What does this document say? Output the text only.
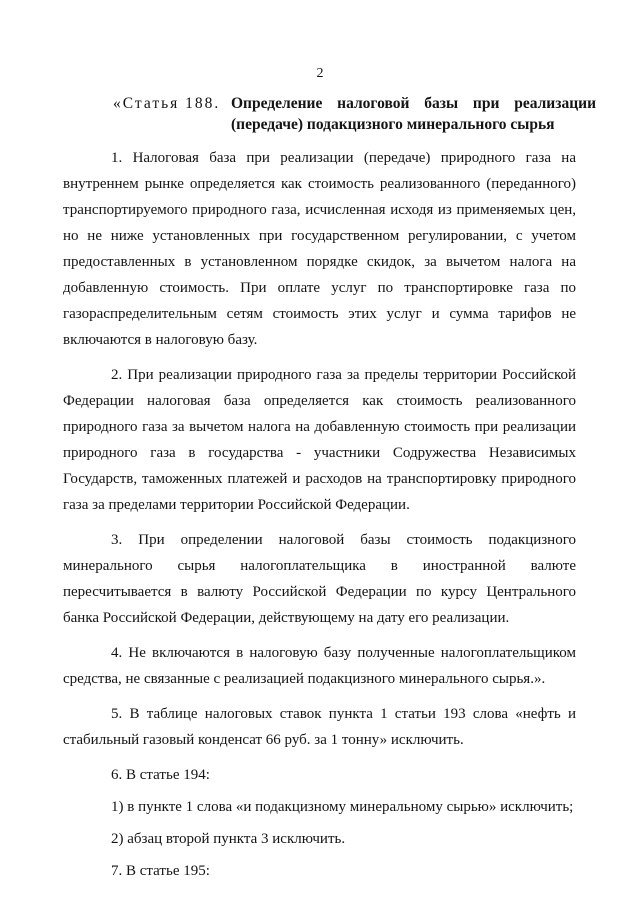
2
«Статья 188. Определение налоговой базы при реализации (передаче) подакцизного минерального сырья

1. Налоговая база при реализации (передаче) природного газа на внутреннем рынке определяется как стоимость реализованного (переданного) транспортируемого природного газа, исчисленная исходя из применяемых цен, но не ниже установленных при государственном регулировании, с учетом предоставленных в установленном порядке скидок, за вычетом налога на добавленную стоимость. При оплате услуг по транспортировке газа по газораспределительным сетям стоимость этих услуг и сумма тарифов не включаются в налоговую базу.

2. При реализации природного газа за пределы территории Российской Федерации налоговая база определяется как стоимость реализованного природного газа за вычетом налога на добавленную стоимость при реализации природного газа в государства - участники Содружества Независимых Государств, таможенных платежей и расходов на транспортировку природного газа за пределами территории Российской Федерации.

3. При определении налоговой базы стоимость подакцизного минерального сырья налогоплательщика в иностранной валюте пересчитывается в валюту Российской Федерации по курсу Центрального банка Российской Федерации, действующему на дату его реализации.

4. Не включаются в налоговую базу полученные налогоплательщиком средства, не связанные с реализацией подакцизного минерального сырья.».

5. В таблице налоговых ставок пункта 1 статьи 193 слова «нефть и стабильный газовый конденсат 66 руб. за 1 тонну» исключить.

6. В статье 194:

1) в пункте 1 слова «и подакцизному минеральному сырью» исключить;

2) абзац второй пункта 3 исключить.

7. В статье 195:
